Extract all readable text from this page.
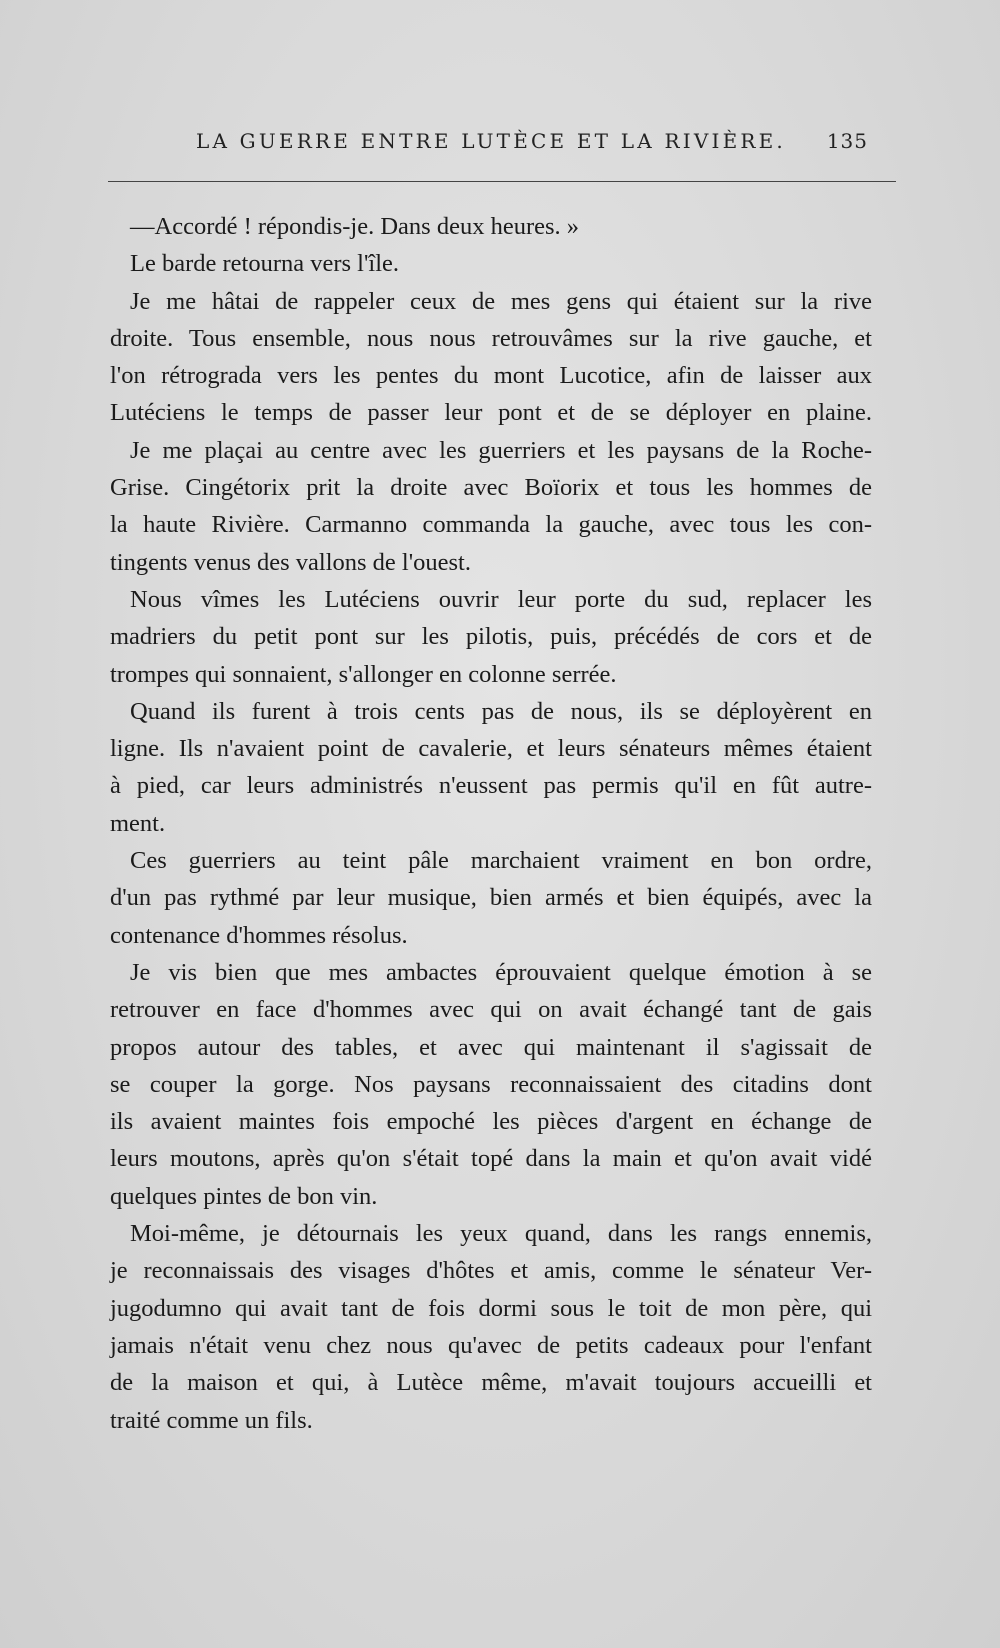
LA GUERRE ENTRE LUTÈCE ET LA RIVIÈRE. 135
—Accordé ! répondis-je. Dans deux heures. »
Le barde retourna vers l'île.
Je me hâtai de rappeler ceux de mes gens qui étaient sur la rive
droite. Tous ensemble, nous nous retrouvâmes sur la rive gauche, et
l'on rétrograda vers les pentes du mont Lucotice, afin de laisser aux
Lutéciens le temps de passer leur pont et de se déployer en plaine.
Je me plaçai au centre avec les guerriers et les paysans de la Roche-
Grise. Cingétorix prit la droite avec Boïorix et tous les hommes de
la haute Rivière. Carmanno commanda la gauche, avec tous les con-
tingents venus des vallons de l'ouest.
Nous vîmes les Lutéciens ouvrir leur porte du sud, replacer les
madriers du petit pont sur les pilotis, puis, précédés de cors et de
trompes qui sonnaient, s'allonger en colonne serrée.
Quand ils furent à trois cents pas de nous, ils se déployèrent en
ligne. Ils n'avaient point de cavalerie, et leurs sénateurs mêmes étaient
à pied, car leurs administrés n'eussent pas permis qu'il en fût autre-
ment.
Ces guerriers au teint pâle marchaient vraiment en bon ordre,
d'un pas rythmé par leur musique, bien armés et bien équipés, avec la
contenance d'hommes résolus.
Je vis bien que mes ambactes éprouvaient quelque émotion à se
retrouver en face d'hommes avec qui on avait échangé tant de gais
propos autour des tables, et avec qui maintenant il s'agissait de
se couper la gorge. Nos paysans reconnaissaient des citadins dont
ils avaient maintes fois empoché les pièces d'argent en échange de
leurs moutons, après qu'on s'était topé dans la main et qu'on avait vidé
quelques pintes de bon vin.
Moi-même, je détournais les yeux quand, dans les rangs ennemis,
je reconnaissais des visages d'hôtes et amis, comme le sénateur Ver-
jugodumno qui avait tant de fois dormi sous le toit de mon père, qui
jamais n'était venu chez nous qu'avec de petits cadeaux pour l'enfant
de la maison et qui, à Lutèce même, m'avait toujours accueilli et
traité comme un fils.
